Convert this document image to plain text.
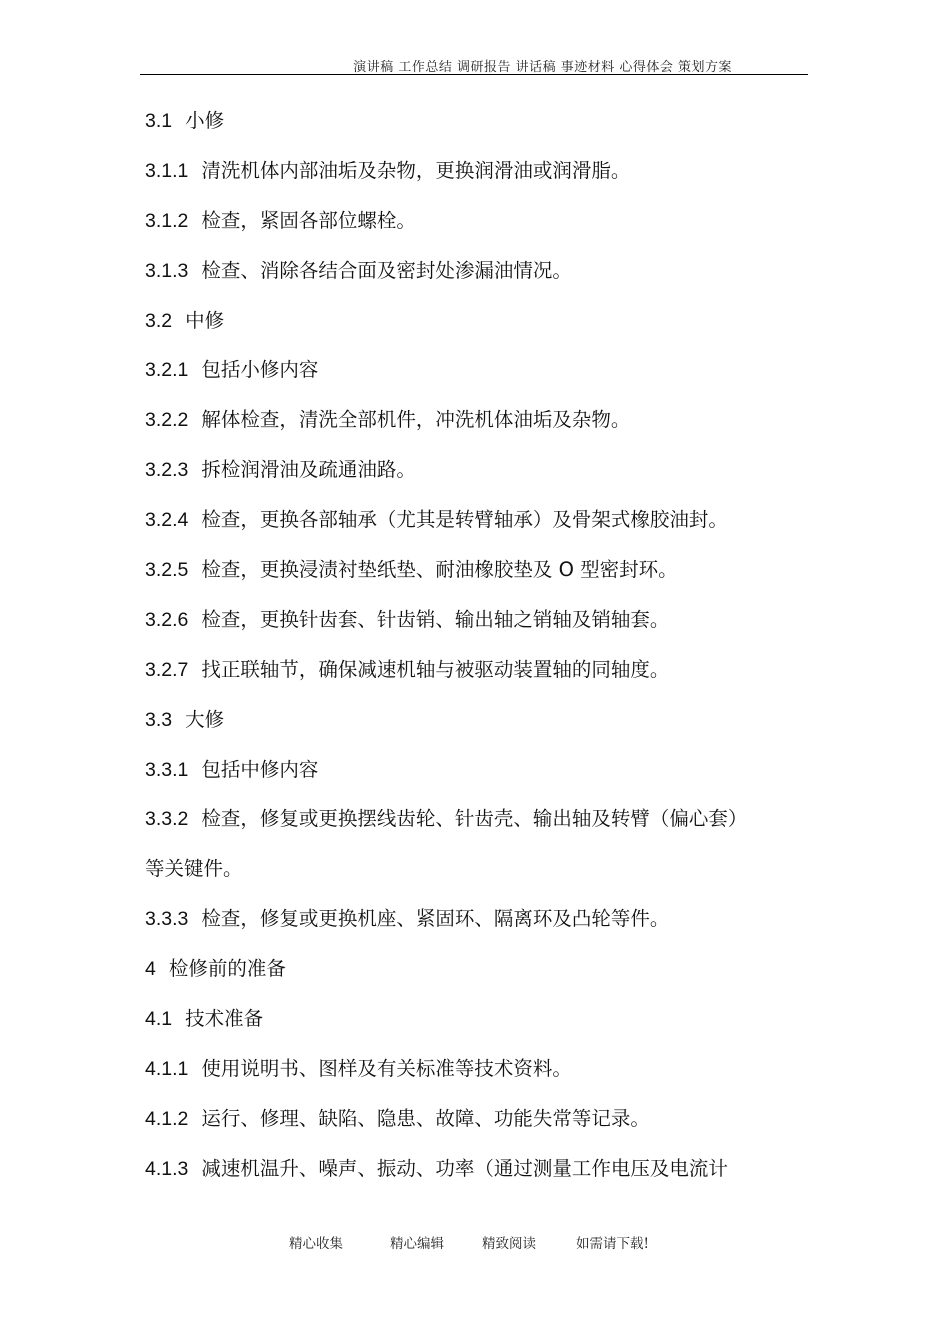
演讲稿 工作总结 调研报告 讲话稿 事迹材料 心得体会 策划方案
3.1 小修
3.1.1 清洗机体内部油垢及杂物，更换润滑油或润滑脂。
3.1.2 检查，紧固各部位螺栓。
3.1.3 检查、消除各结合面及密封处渗漏油情况。
3.2 中修
3.2.1 包括小修内容
3.2.2 解体检查，清洗全部机件，冲洗机体油垢及杂物。
3.2.3 拆检润滑油及疏通油路。
3.2.4 检查，更换各部轴承（尤其是转臂轴承）及骨架式橡胶油封。
3.2.5 检查，更换浸渍衬垫纸垫、耐油橡胶垫及 O 型密封环。
3.2.6 检查，更换针齿套、针齿销、输出轴之销轴及销轴套。
3.2.7 找正联轴节，确保减速机轴与被驱动装置轴的同轴度。
3.3 大修
3.3.1 包括中修内容
3.3.2 检查，修复或更换摆线齿轮、针齿壳、输出轴及转臂（偏心套）
等关键件。
3.3.3 检查，修复或更换机座、紧固环、隔离环及凸轮等件。
4 检修前的准备
4.1 技术准备
4.1.1 使用说明书、图样及有关标准等技术资料。
4.1.2 运行、修理、缺陷、隐患、故障、功能失常等记录。
4.1.3 减速机温升、噪声、振动、功率（通过测量工作电压及电流计
精心收集	精心编辑	精致阅读	如需请下载!
